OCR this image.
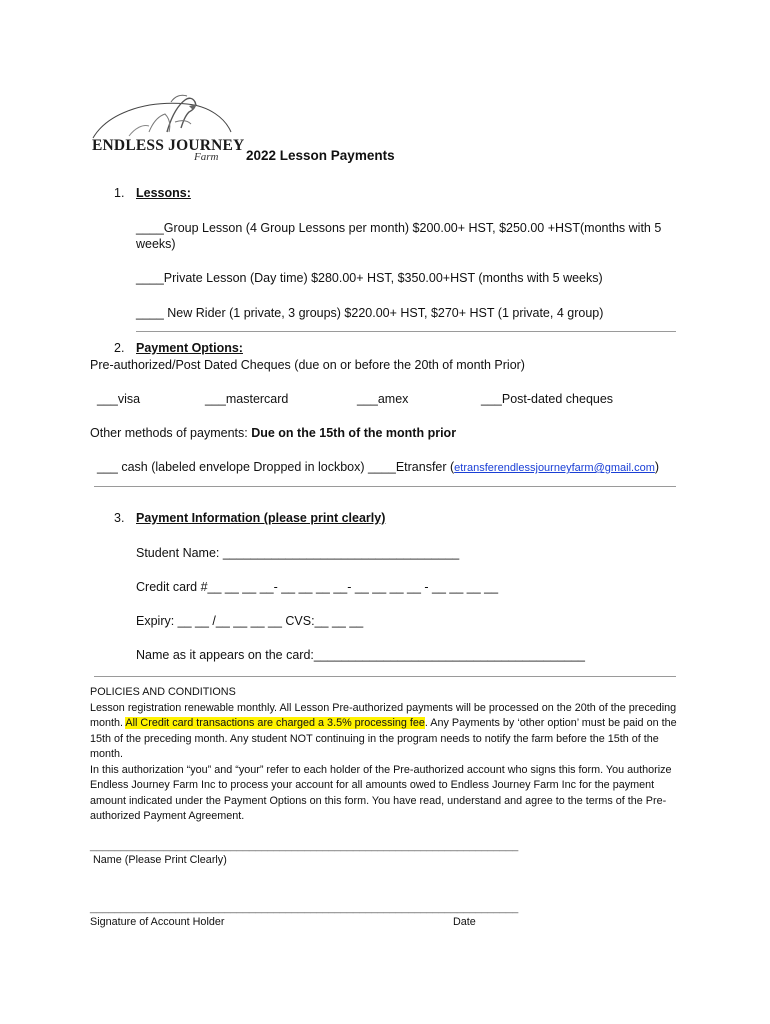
ENDLESS JOURNEY
Farm 2022 Lesson Payments
1. Lessons:
____Group Lesson (4 Group Lessons per month) $200.00+ HST, $250.00 +HST(months with 5
weeks)
____Private Lesson (Day time) $280.00+ HST, $350.00+HST (months with 5 weeks)
____ New Rider (1 private, 3 groups) $220.00+ HST, $270+ HST (1 private, 4 group)
2. Payment Options:
Pre-authorized/Post Dated Cheques (due on or before the 20th of month Prior)
___visa	___mastercard	___amex	___Post-dated cheques
Other methods of payments: Due on the 15th of the month prior
___ cash (labeled envelope Dropped in lockbox) ____Etransfer (etransferendlessjourneyfarm@gmail.com)
3. Payment Information (please print clearly)
Student Name: __________________________________
Credit card #__ __ __ __- __ __ __ __- __ __ __ __ - __ __ __ __
Expiry: __ __ /__ __ __ __ CVS:__ __ __
Name as it appears on the card:_______________________________________

POLICIES AND CONDITIONS

Lesson registration renewable monthly. All Lesson Pre-authorized payments will be processed on the 20th of the preceding month. All Credit card transactions are charged a 3.5% processing fee. Any Payments by ‘other option’ must be paid on the 15th of the preceding month. Any student NOT continuing in the program needs to notify the farm before the 15th of the month.

In this authorization “you” and “your” refer to each holder of the Pre-authorized account who signs this form. You authorize Endless Journey Farm Inc to process your account for all amounts owed to Endless Journey Farm Inc for the payment amount indicated under the Payment Options on this form. You have read, understand and agree to the terms of the Pre-authorized Payment Agreement.

______________________________________________________________________
Name (Please Print Clearly)
______________________________________________________________________
Signature of Account Holder	Date
